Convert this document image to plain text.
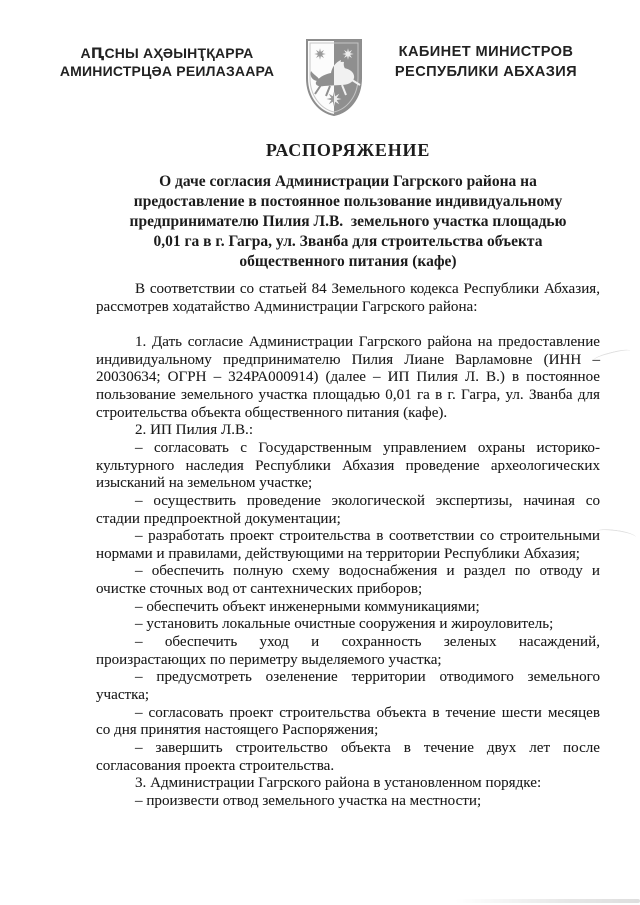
АԤСНЫ АҲӘЫНҬҚАРРА
АМИНИСТРЦӘА РЕИЛАЗААРА
КАБИНЕТ МИНИСТРОВ
РЕСПУБЛИКИ АБХАЗИЯ
РАСПОРЯЖЕНИЕ
О даче согласия Администрации Гагрского района на
предоставление в постоянное пользование индивидуальному
предпринимателю Пилия Л.В.  земельного участка площадью
0,01 га в г. Гагра, ул. Званба для строительства объекта
общественного питания (кафе)

В соответствии со статьей 84 Земельного кодекса Республики Абхазия, рассмотрев ходатайство Администрации Гагрского района:

1. Дать согласие Администрации Гагрского района на предоставление индивидуальному предпринимателю Пилия Лиане Варламовне (ИНН – 20030634; ОГРН – 324РА000914) (далее – ИП Пилия Л. В.) в постоянное пользование земельного участка площадью 0,01 га в г. Гагра, ул. Званба для строительства объекта общественного питания (кафе).

2. ИП Пилия Л.В.:

– согласовать с Государственным управлением охраны историко-культурного наследия Республики Абхазия проведение археологических изысканий на земельном участке;

– осуществить проведение экологической экспертизы, начиная со стадии предпроектной документации;

– разработать проект строительства в соответствии со строительными нормами и правилами, действующими на территории Республики Абхазия;

– обеспечить полную схему водоснабжения и раздел по отводу и очистке сточных вод от сантехнических приборов;

– обеспечить объект инженерными коммуникациями;

– установить локальные очистные сооружения и жироуловитель;

– обеспечить уход и сохранность зеленых насаждений, произрастающих по периметру выделяемого участка;

– предусмотреть озеленение территории отводимого земельного участка;

– согласовать проект строительства объекта в течение шести месяцев со дня принятия настоящего Распоряжения;

– завершить строительство объекта в течение двух лет после согласования проекта строительства.

3. Администрации Гагрского района в установленном порядке:

– произвести отвод земельного участка на местности;
